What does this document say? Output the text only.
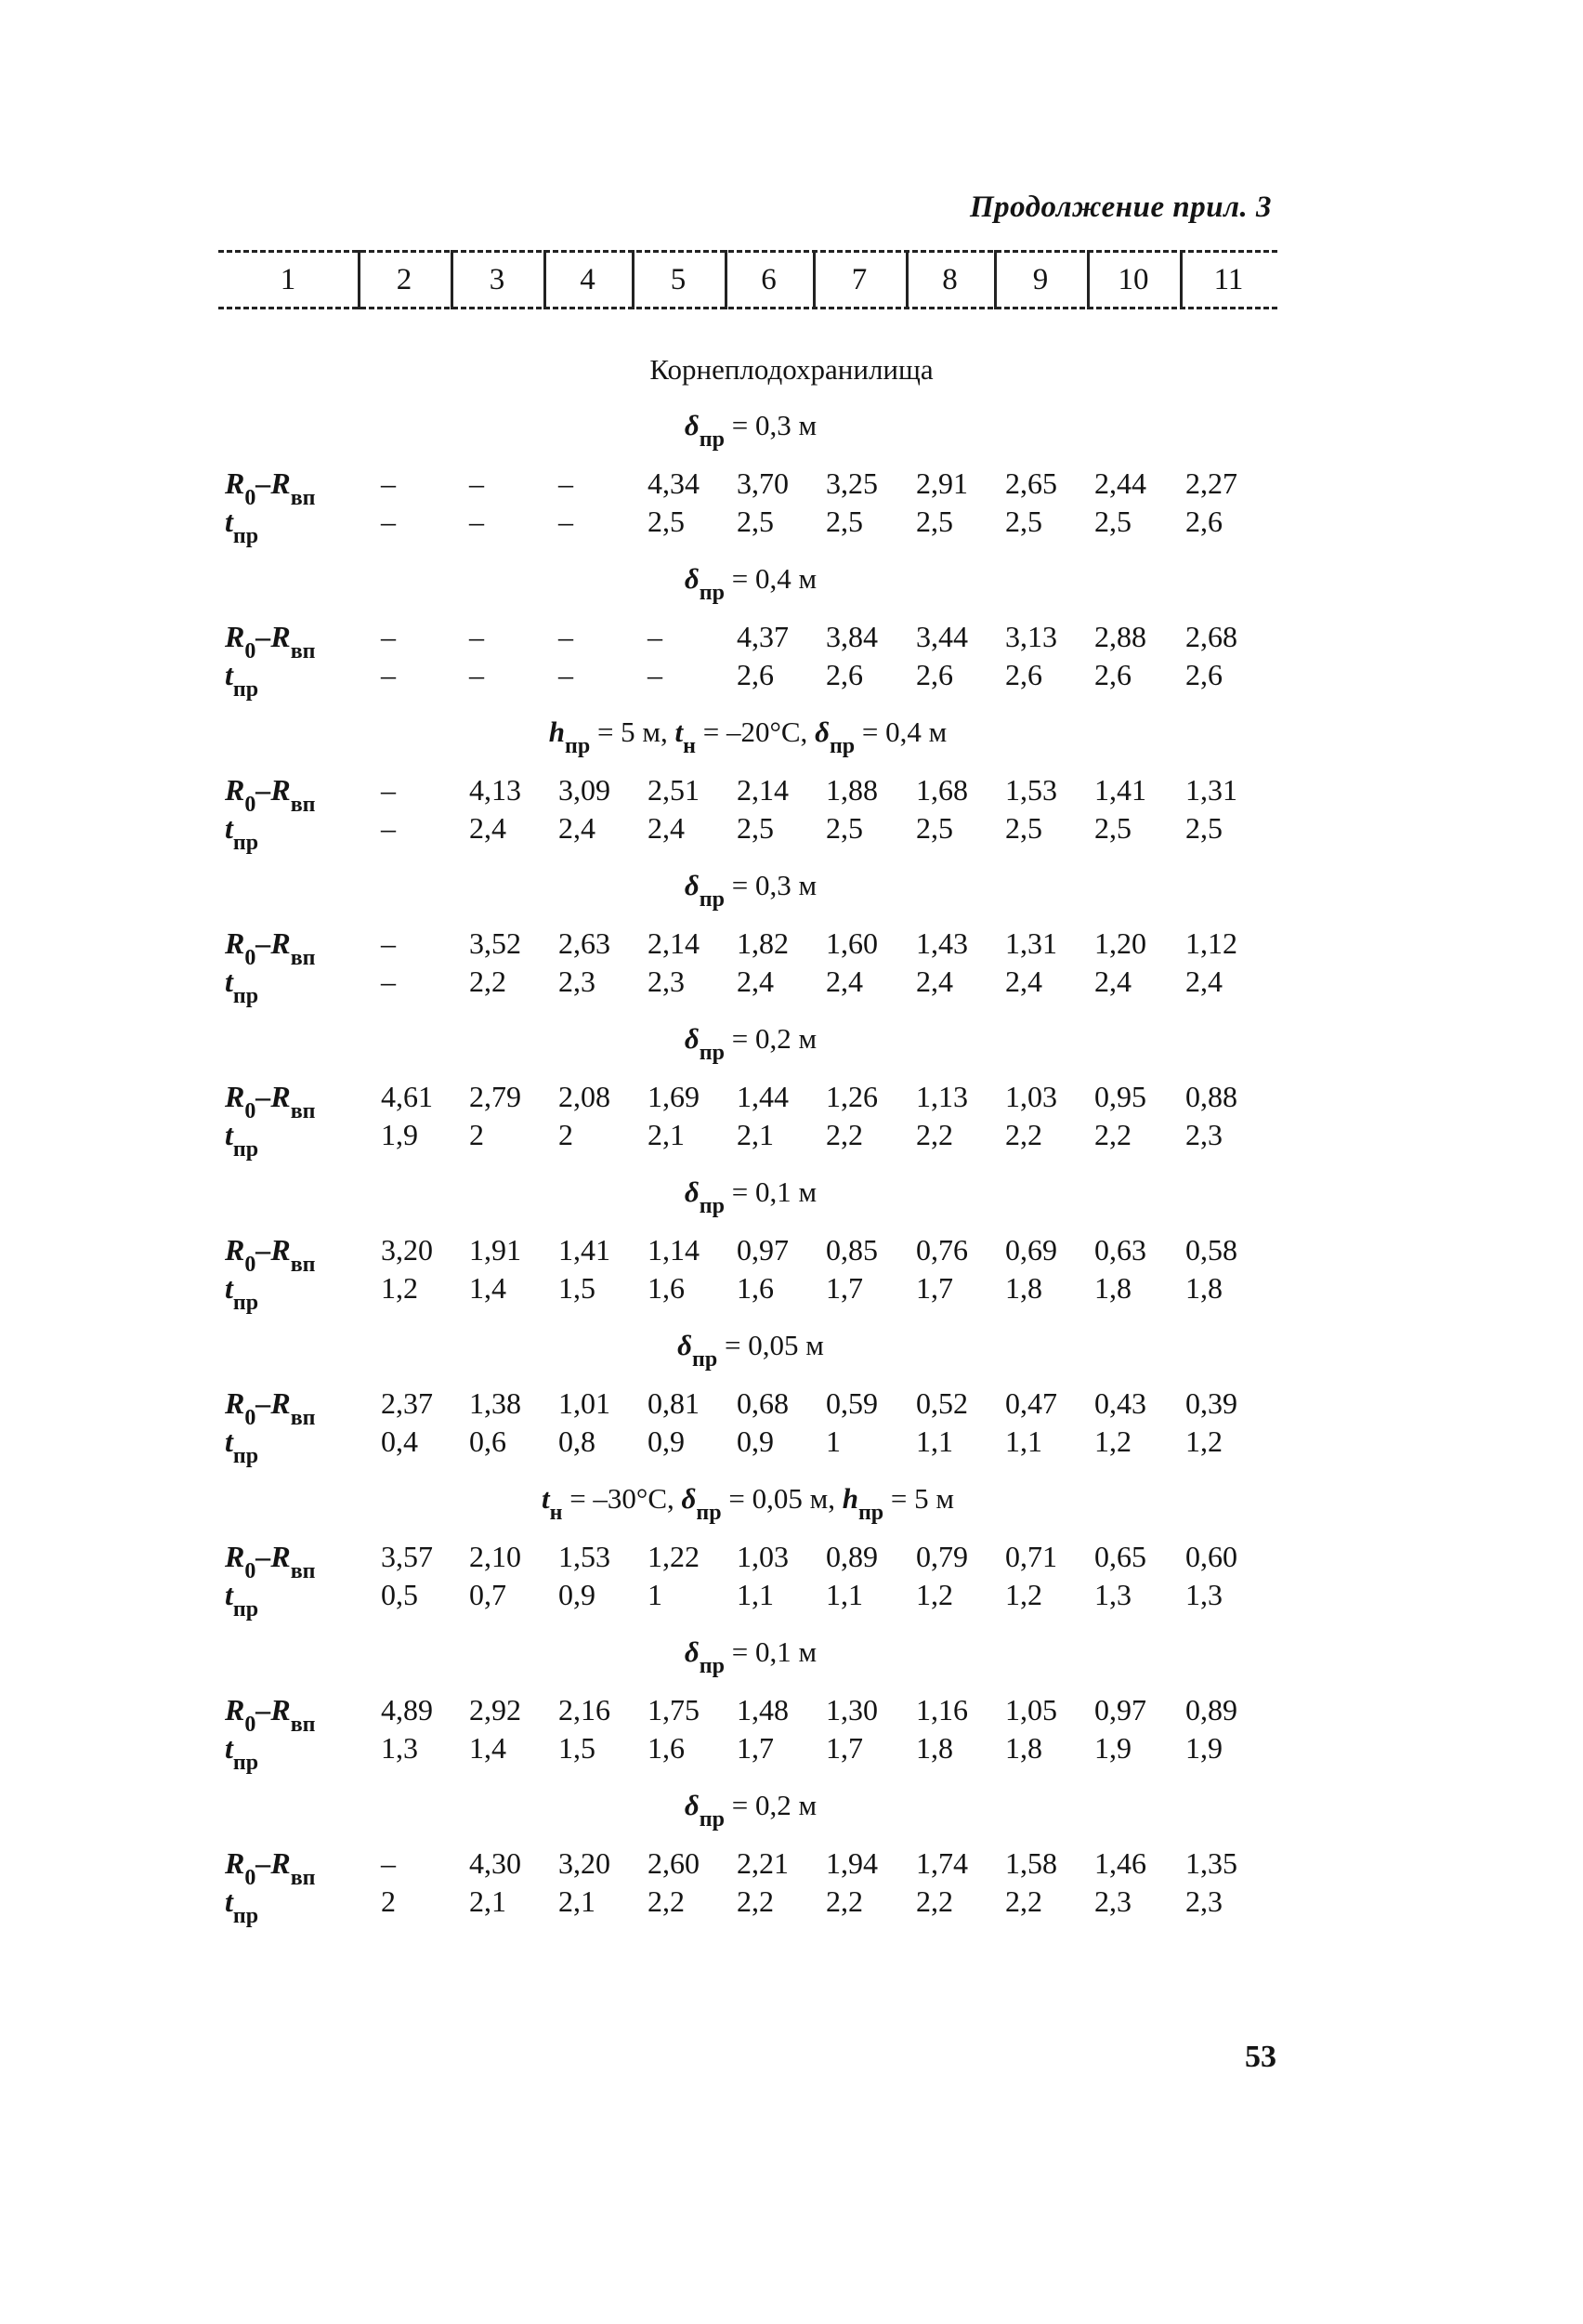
Продолжение прил. 3
1	2	3	4	5	6	7	8	9	10	11
Корнеплодохранилища
$\delta_{пр} = 0,3$ м
$R_0-R_{вп}$ –	–	–	4,34	3,70	3,25	2,91	2,65	2,44	2,27
$t_{пр}$	–	–	–	2,5	2,5	2,5	2,5	2,5	2,5	2,6
$\delta_{пр} = 0,4$ м
$R_0-R_{вп}$ –	–	–	–	4,37	3,84	3,44	3,13	2,88	2,68
$t_{пр}$	–	–	–	–	2,6	2,6	2,6	2,6	2,6	2,6
$h_{пр} = 5$ м, $t_н = -20^\circ C$, $\delta_{пр} = 0,4$ м
$R_0-R_{вп}$ –	4,13	3,09	2,51	2,14	1,88	1,68	1,53	1,41	1,31
$t_{пр}$	–	2,4	2,4	2,4	2,5	2,5	2,5	2,5	2,5	2,5
$\delta_{пр} = 0,3$ м
$R_0-R_{вп}$ –	3,52	2,63	2,14	1,82	1,60	1,43	1,31	1,20	1,12
$t_{пр}$	–	2,2	2,3	2,3	2,4	2,4	2,4	2,4	2,4	2,4
$\delta_{пр} = 0,2$ м
$R_0-R_{вп}$ 4,61	2,79	2,08	1,69	1,44	1,26	1,13	1,03	0,95	0,88
$t_{пр}$	1,9	2	2	2,1	2,1	2,2	2,2	2,2	2,2	2,3
$\delta_{пр} = 0,1$ м
$R_0-R_{вп}$ 3,20	1,91	1,41	1,14	0,97	0,85	0,76	0,69	0,63	0,58
$t_{пр}$	1,2	1,4	1,5	1,6	1,6	1,7	1,7	1,8	1,8	1,8
$\delta_{пр} = 0,05$ м
$R_0-R_{вп}$ 2,37	1,38	1,01	0,81	0,68	0,59	0,52	0,47	0,43	0,39
$t_{пр}$	0,4	0,6	0,8	0,9	0,9	1	1,1	1,1	1,2	1,2
$t_н = -30^\circ C$, $\delta_{пр} = 0,05$ м, $h_{пр} = 5$ м
$R_0-R_{вп}$ 3,57	2,10	1,53	1,22	1,03	0,89	0,79	0,71	0,65	0,60
$t_{пр}$	0,5	0,7	0,9	1	1,1	1,1	1,2	1,2	1,3	1,3
$\delta_{пр} = 0,1$ м
$R_0-R_{вп}$ 4,89	2,92	2,16	1,75	1,48	1,30	1,16	1,05	0,97	0,89
$t_{пр}$	1,3	1,4	1,5	1,6	1,7	1,7	1,8	1,8	1,9	1,9
$\delta_{пр} = 0,2$ м
$R_0-R_{вп}$ –	4,30	3,20	2,60	2,21	1,94	1,74	1,58	1,46	1,35
$t_{пр}$	2	2,1	2,1	2,2	2,2	2,2	2,2	2,2	2,3	2,3
53
